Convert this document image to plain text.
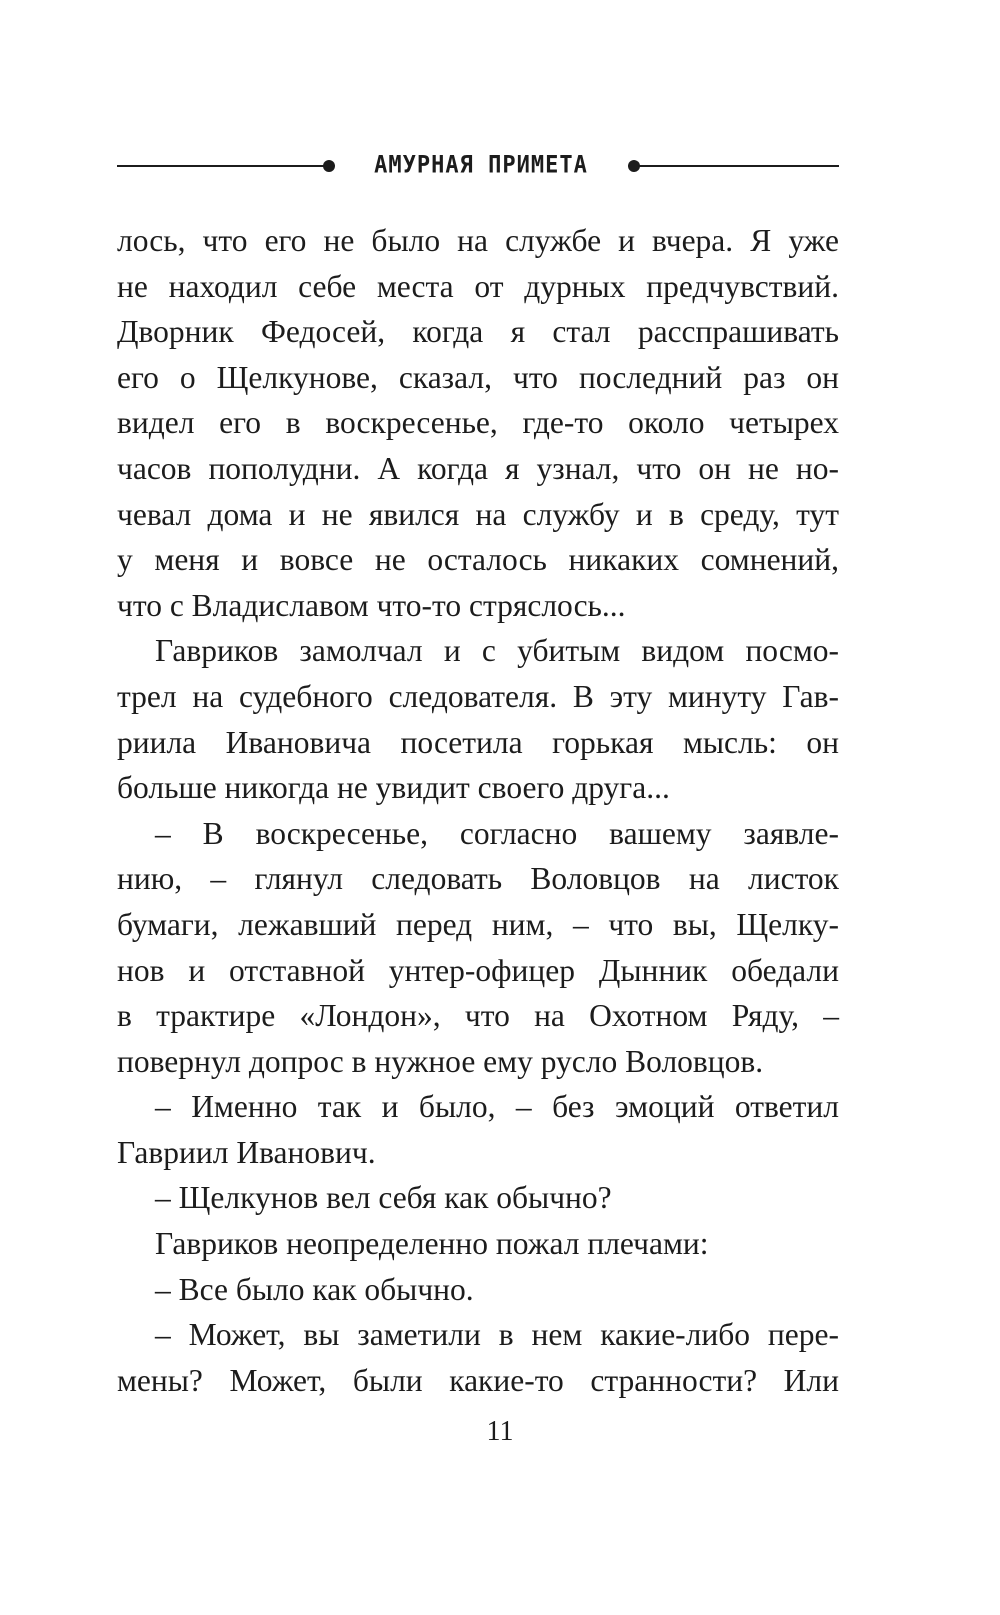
АМУРНАЯ ПРИМЕТА
лось, что его не было на службе и вчера. Я уже
не находил себе места от дурных предчувствий.
Дворник Федосей, когда я стал расспрашивать
его о Щелкунове, сказал, что последний раз он
видел его в воскресенье, где-то около четырех
часов пополудни. А когда я узнал, что он не но-
чевал дома и не явился на службу и в среду, тут
у меня и вовсе не осталось никаких сомнений,
что с Владиславом что-то стряслось...
Гавриков замолчал и с убитым видом посмо-
трел на судебного следователя. В эту минуту Гав-
риила Ивановича посетила горькая мысль: он
больше никогда не увидит своего друга...
– В воскресенье, согласно вашему заявле-
нию, – глянул следовать Воловцов на листок
бумаги, лежавший перед ним, – что вы, Щелку-
нов и отставной унтер-офицер Дынник обедали
в трактире «Лондон», что на Охотном Ряду, –
повернул допрос в нужное ему русло Воловцов.
– Именно так и было, – без эмоций ответил
Гавриил Иванович.
– Щелкунов вел себя как обычно?
Гавриков неопределенно пожал плечами:
– Все было как обычно.
– Может, вы заметили в нем какие-либо пере-
мены? Может, были какие-то странности? Или
11
